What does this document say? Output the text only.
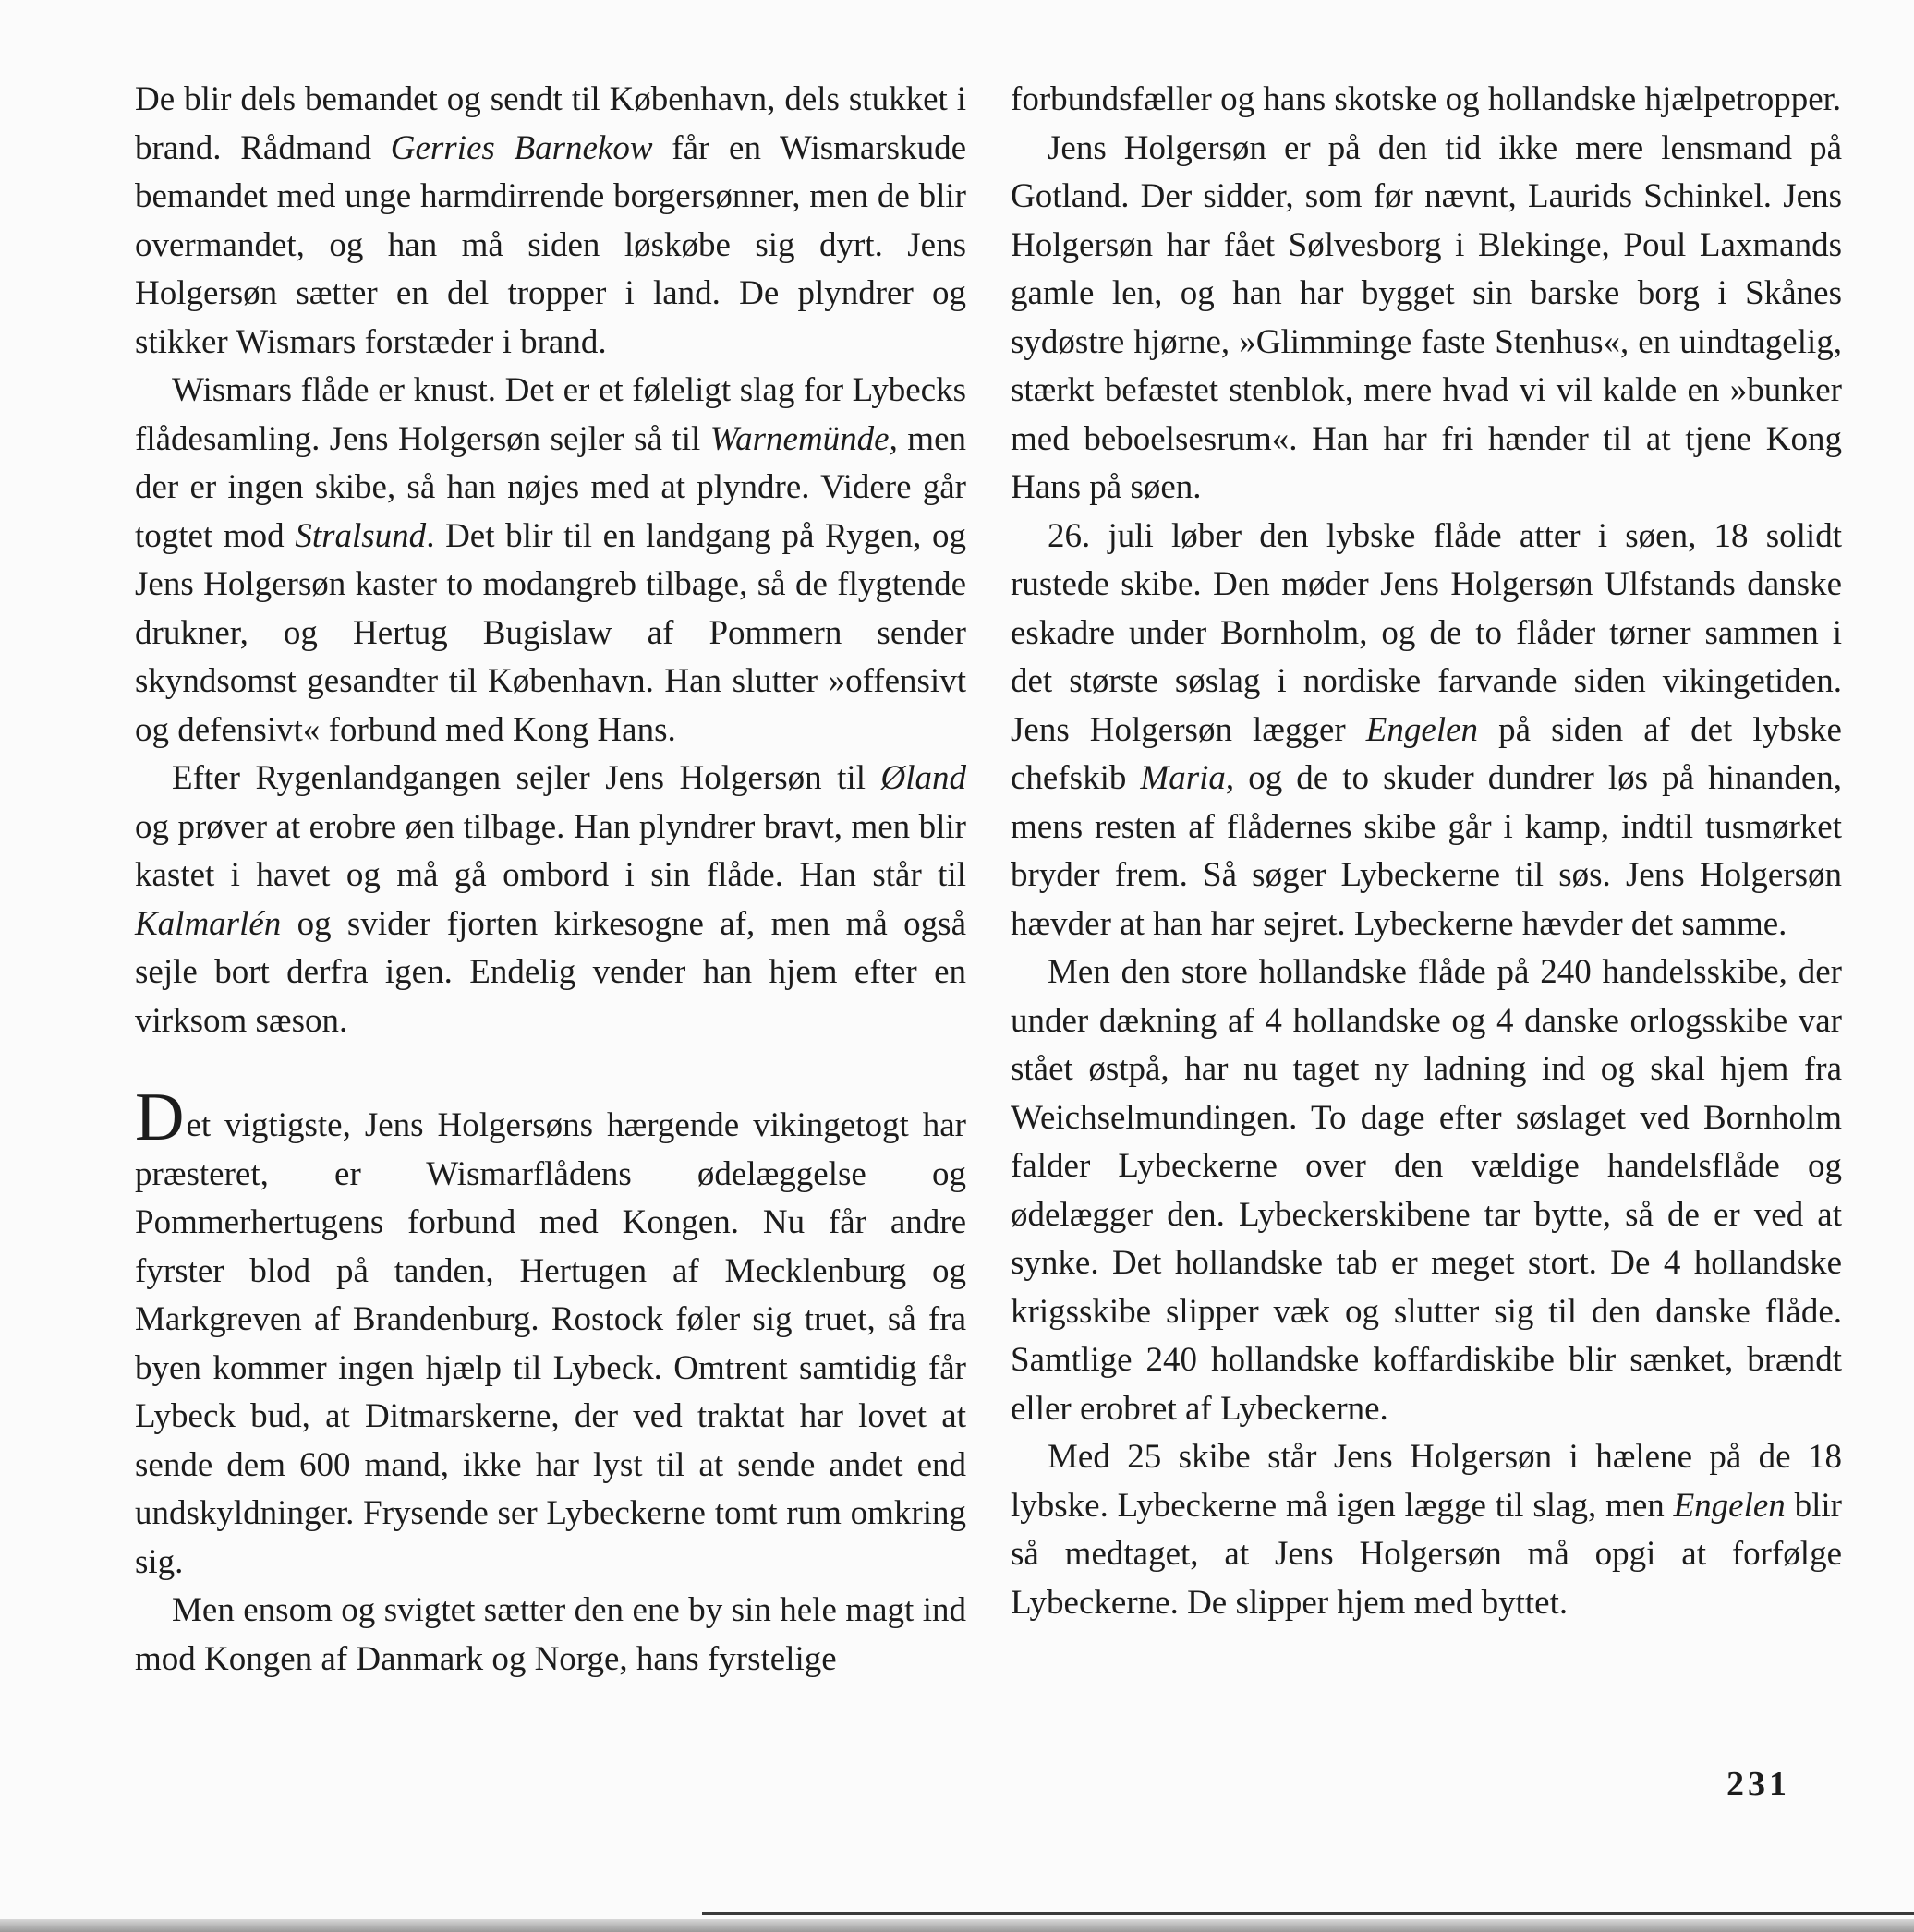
De blir dels bemandet og sendt til København, dels stukket i brand. Rådmand Gerries Barnekow får en Wismarskude bemandet med unge harmdirrende borgersønner, men de blir overmandet, og han må siden løskøbe sig dyrt. Jens Holgersøn sætter en del tropper i land. De plyndrer og stikker Wismars forstæder i brand.

Wismars flåde er knust. Det er et føleligt slag for Lybecks flådesamling. Jens Holgersøn sejler så til Warnemünde, men der er ingen skibe, så han nøjes med at plyndre. Videre går togtet mod Stralsund. Det blir til en landgang på Rygen, og Jens Holgersøn kaster to modangreb tilbage, så de flygtende drukner, og Hertug Bugislaw af Pommern sender skyndsomst gesandter til København. Han slutter »offensivt og defensivt« forbund med Kong Hans.

Efter Rygenlandgangen sejler Jens Holgersøn til Øland og prøver at erobre øen tilbage. Han plyndrer bravt, men blir kastet i havet og må gå ombord i sin flåde. Han står til Kalmarlén og svider fjorten kirkesogne af, men må også sejle bort derfra igen. Endelig vender han hjem efter en virksom sæson.

Det vigtigste, Jens Holgersøns hærgende vikingetogt har præsteret, er Wismarflådens ødelæggelse og Pommerhertugens forbund med Kongen. Nu får andre fyrster blod på tanden, Hertugen af Mecklenburg og Markgreven af Brandenburg. Rostock føler sig truet, så fra byen kommer ingen hjælp til Lybeck. Omtrent samtidig får Lybeck bud, at Ditmarskerne, der ved traktat har lovet at sende dem 600 mand, ikke har lyst til at sende andet end undskyldninger. Frysende ser Lybeckerne tomt rum omkring sig.

Men ensom og svigtet sætter den ene by sin hele magt ind mod Kongen af Danmark og Norge, hans fyrstelige

forbundsfæller og hans skotske og hollandske hjælpetropper.

Jens Holgersøn er på den tid ikke mere lensmand på Gotland. Der sidder, som før nævnt, Laurids Schinkel. Jens Holgersøn har fået Sølvesborg i Blekinge, Poul Laxmands gamle len, og han har bygget sin barske borg i Skånes sydøstre hjørne, »Glimminge faste Stenhus«, en uindtagelig, stærkt befæstet stenblok, mere hvad vi vil kalde en »bunker med beboelsesrum«. Han har fri hænder til at tjene Kong Hans på søen.

26. juli løber den lybske flåde atter i søen, 18 solidt rustede skibe. Den møder Jens Holgersøn Ulfstands danske eskadre under Bornholm, og de to flåder tørner sammen i det største søslag i nordiske farvande siden vikingetiden. Jens Holgersøn lægger Engelen på siden af det lybske chefskib Maria, og de to skuder dundrer løs på hinanden, mens resten af flådernes skibe går i kamp, indtil tusmørket bryder frem. Så søger Lybeckerne til søs. Jens Holgersøn hævder at han har sejret. Lybeckerne hævder det samme.

Men den store hollandske flåde på 240 handelsskibe, der under dækning af 4 hollandske og 4 danske orlogsskibe var stået østpå, har nu taget ny ladning ind og skal hjem fra Weichselmundingen. To dage efter søslaget ved Bornholm falder Lybeckerne over den vældige handelsflåde og ødelægger den. Lybeckerskibene tar bytte, så de er ved at synke. Det hollandske tab er meget stort. De 4 hollandske krigsskibe slipper væk og slutter sig til den danske flåde. Samtlige 240 hollandske koffardiskibe blir sænket, brændt eller erobret af Lybeckerne.

Med 25 skibe står Jens Holgersøn i hælene på de 18 lybske. Lybeckerne må igen lægge til slag, men Engelen blir så medtaget, at Jens Holgersøn må opgi at forfølge Lybeckerne. De slipper hjem med byttet.

231
